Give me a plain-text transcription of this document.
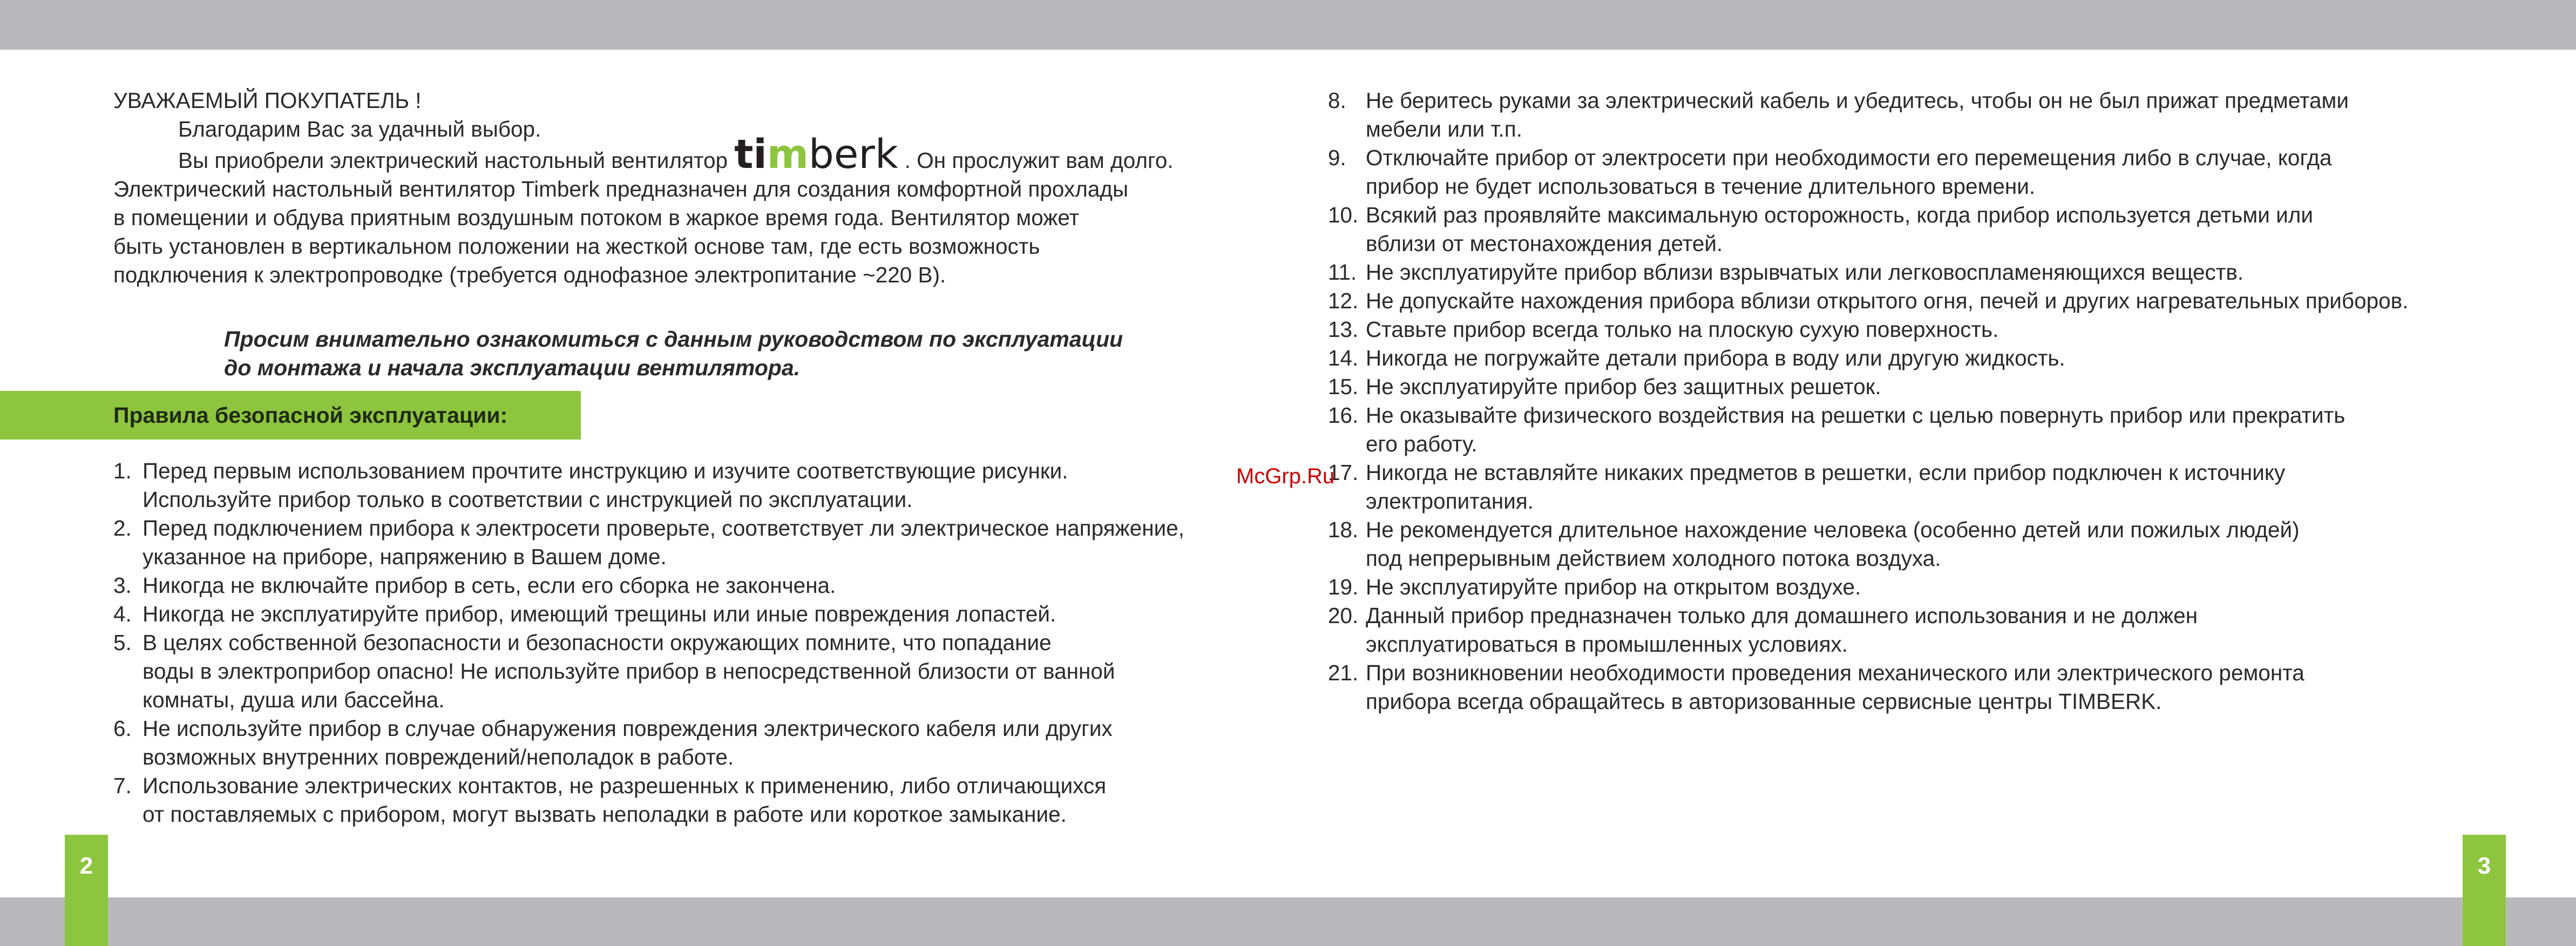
УВАЖАЕМЫЙ ПОКУПАТЕЛЬ !
Благодарим Вас за удачный выбор.
Вы приобрели электрический настольный вентилятор timberk . Он прослужит вам долго.
Электрический настольный вентилятор Timberk предназначен для создания комфортной прохлады
в помещении и обдува приятным воздушным потоком в жаркое время года. Вентилятор может
быть установлен в вертикальном положении на жесткой основе там, где есть возможность
подключения к электропроводке (требуется однофазное электропитание ~220 В).
Просим внимательно ознакомиться с данным руководством по эксплуатации
до монтажа и начала эксплуатации вентилятора.
Правила безопасной эксплуатации:
1. Перед первым использованием прочтите инструкцию и изучите соответствующие рисунки.
Используйте прибор только в соответствии с инструкцией по эксплуатации.
2. Перед подключением прибора к электросети проверьте, соответствует ли электрическое напряжение,
указанное на приборе, напряжению в Вашем доме.
3. Никогда не включайте прибор в сеть, если его сборка не закончена.
4. Никогда не эксплуатируйте прибор, имеющий трещины или иные повреждения лопастей.
5. В целях собственной безопасности и безопасности окружающих помните, что попадание
воды в электроприбор опасно! Не используйте прибор в непосредственной близости от ванной
комнаты, душа или бассейна.
6. Не используйте прибор в случае обнаружения повреждения электрического кабеля или других
возможных внутренних повреждений/неполадок в работе.
7. Использование электрических контактов, не разрешенных к применению, либо отличающихся
от поставляемых с прибором, могут вызвать неполадки в работе или короткое замыкание.
8. Не беритесь руками за электрический кабель и убедитесь, чтобы он не был прижат предметами
мебели или т.п.
9. Отключайте прибор от электросети при необходимости его перемещения либо в случае, когда
прибор не будет использоваться в течение длительного времени.
10. Всякий раз проявляйте максимальную осторожность, когда прибор используется детьми или
вблизи от местонахождения детей.
11. Не эксплуатируйте прибор вблизи взрывчатых или легковоспламеняющихся веществ.
12. Не допускайте нахождения прибора вблизи открытого огня, печей и других нагревательных приборов.
13. Ставьте прибор всегда только на плоскую сухую поверхность.
14. Никогда не погружайте детали прибора в воду или другую жидкость.
15. Не эксплуатируйте прибор без защитных решеток.
16. Не оказывайте физического воздействия на решетки с целью повернуть прибор или прекратить
его работу.
17. Никогда не вставляйте никаких предметов в решетки, если прибор подключен к источнику
электропитания.
18. Не рекомендуется длительное нахождение человека (особенно детей или пожилых людей)
под непрерывным действием холодного потока воздуха.
19. Не эксплуатируйте прибор на открытом воздухе.
20. Данный прибор предназначен только для домашнего использования и не должен
эксплуатироваться в промышленных условиях.
21. При возникновении необходимости проведения механического или электрического ремонта
прибора всегда обращайтесь в авторизованные сервисные центры TIMBERK.
McGrp.Ru
2	3
